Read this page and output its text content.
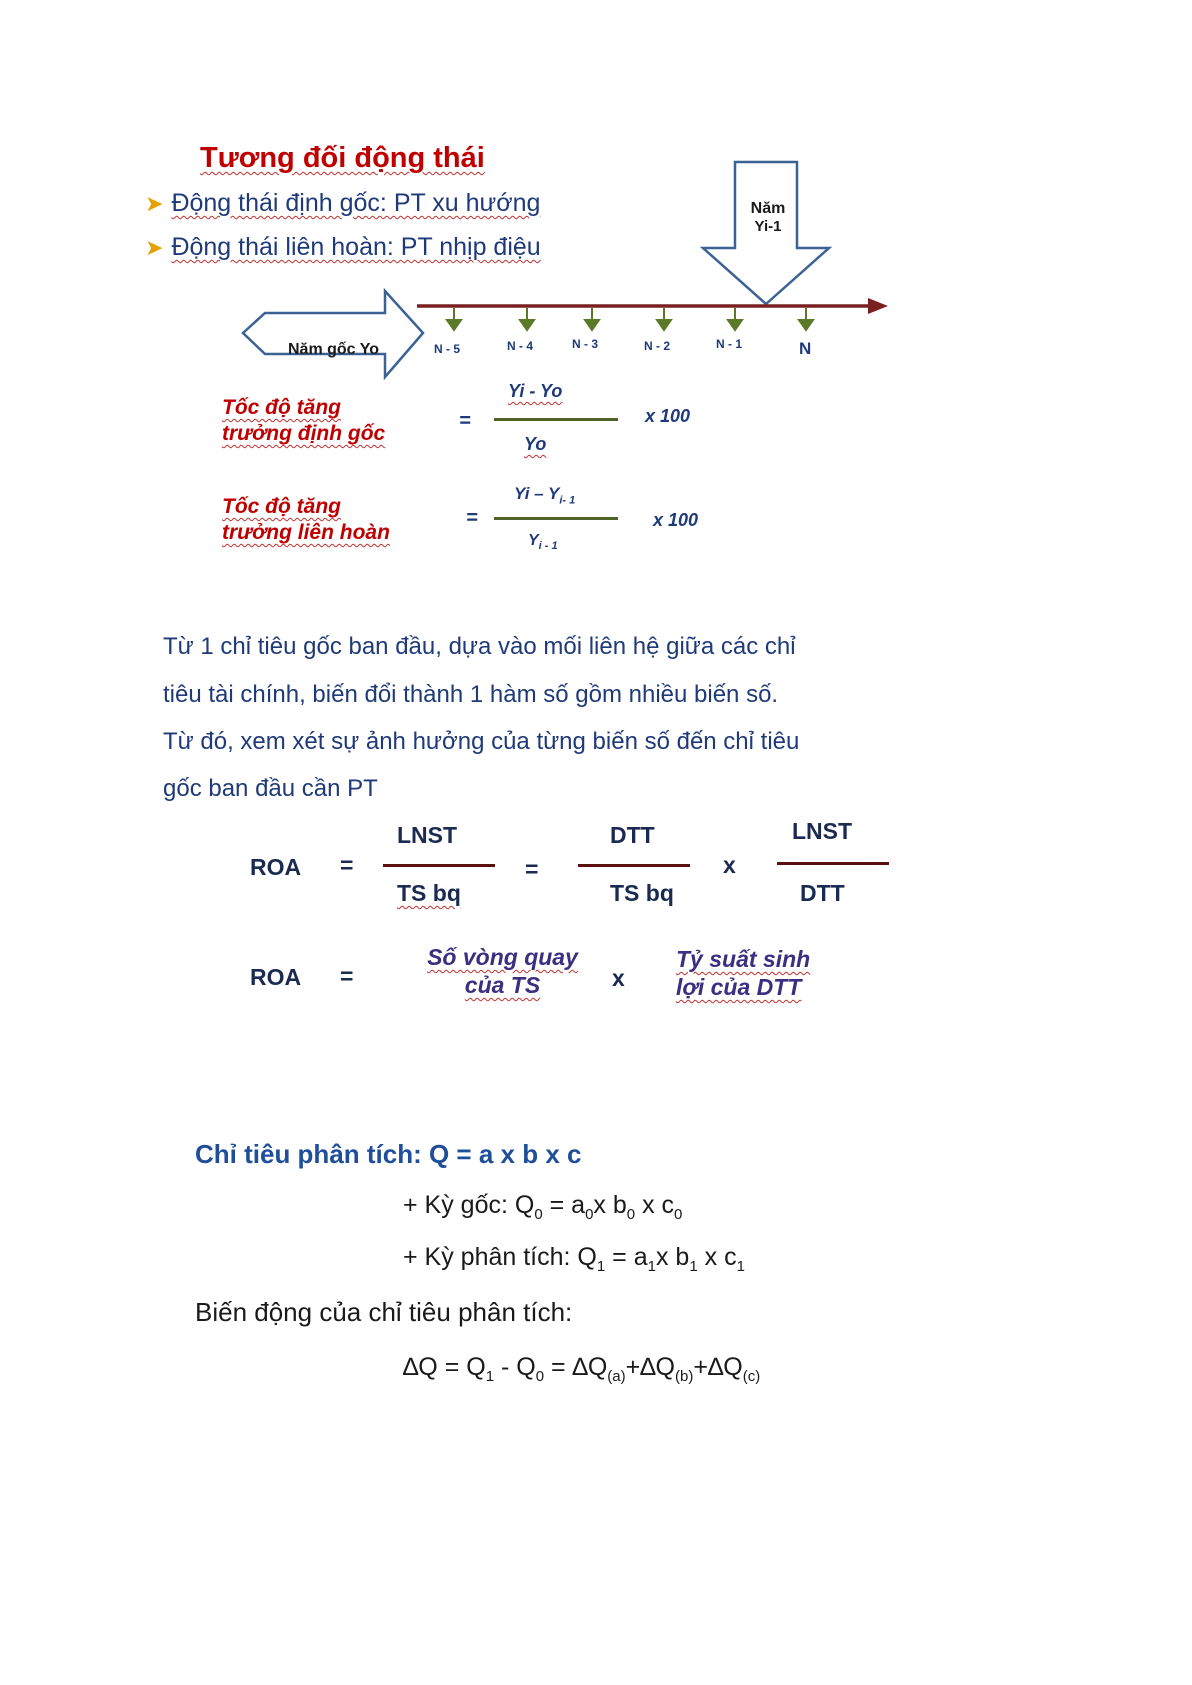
Tương đối động thái
➤ Động thái định gốc: PT xu hướng
➤ Động thái liên hoàn: PT nhịp điệu
Năm
Yi-1
Năm gốc Yo	N - 5	N - 4	N - 3	N - 2	N - 1	N
Tốc độ tăng
trưởng định gốc
=
Yi - Yo
Yo
x 100
Tốc độ tăng
trưởng liên hoàn
=
Yi – $Y_{i- 1}$
$Y_{i - 1}$
x 100
Từ 1 chỉ tiêu gốc ban đầu, dựa vào mối liên hệ giữa các chỉ
tiêu tài chính, biến đổi thành 1 hàm số gồm nhiều biến số.
Từ đó, xem xét sự ảnh hưởng của từng biến số đến chỉ tiêu
gốc ban đầu cần PT
ROA =
LNST
TS bq
=
DTT
TS bq
x
LNST
DTT
ROA =
Số vòng quay
của TS	x
Tỷ suất sinh
lợi của DTT
Chỉ tiêu phân tích: Q = a x b x c
+ Kỳ gốc: $Q_0 = a_0x$ $b_0$ x $c_0$
+ Kỳ phân tích: $Q_1 = a_1x$ $b_1$ x $c_1$
Biến động của chỉ tiêu phân tích:
$\Delta Q = Q_1 - Q_0 = \Delta Q_{(a)}+\Delta Q_{(b)}+\Delta Q_{(c)}$
